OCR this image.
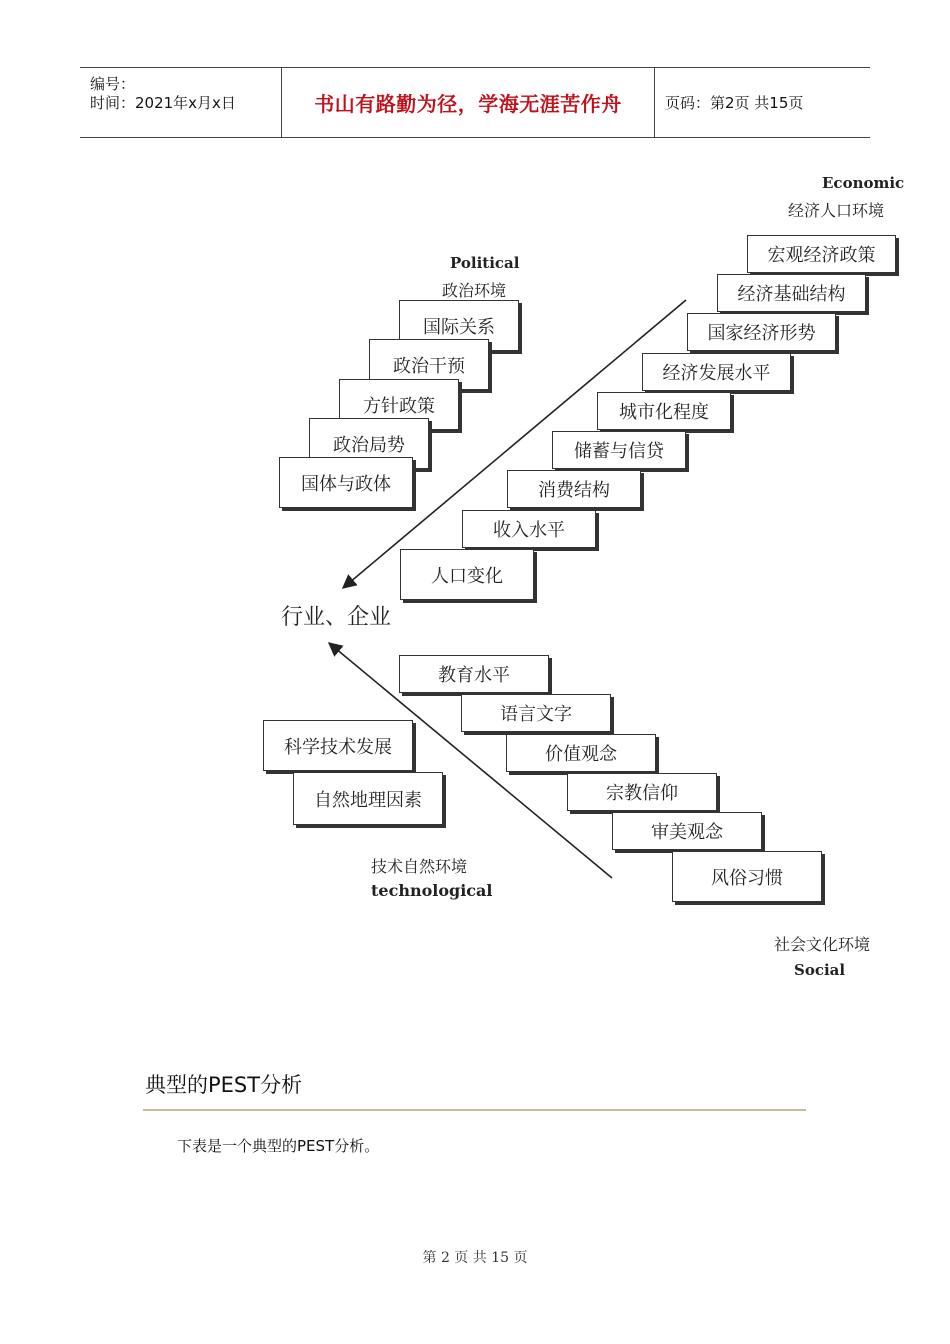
编号：
时间：2021年x月x日	书山有路勤为径，学海无涯苦作舟	页码：第2页 共15页
Economic
经济人口环境
宏观经济政策
经济基础结构
国家经济形势
经济发展水平
城市化程度
储蓄与信贷
消费结构
收入水平
人口变化
Political
政治环境
国际关系
政治干预
方针政策
政治局势
国体与政体
行业、企业
教育水平
语言文字
价值观念
宗教信仰
审美观念
风俗习惯
科学技术发展
自然地理因素
技术自然环境
technological
社会文化环境
Social
典型的PEST分析
下表是一个典型的PEST分析。
第 2 页 共 15 页
